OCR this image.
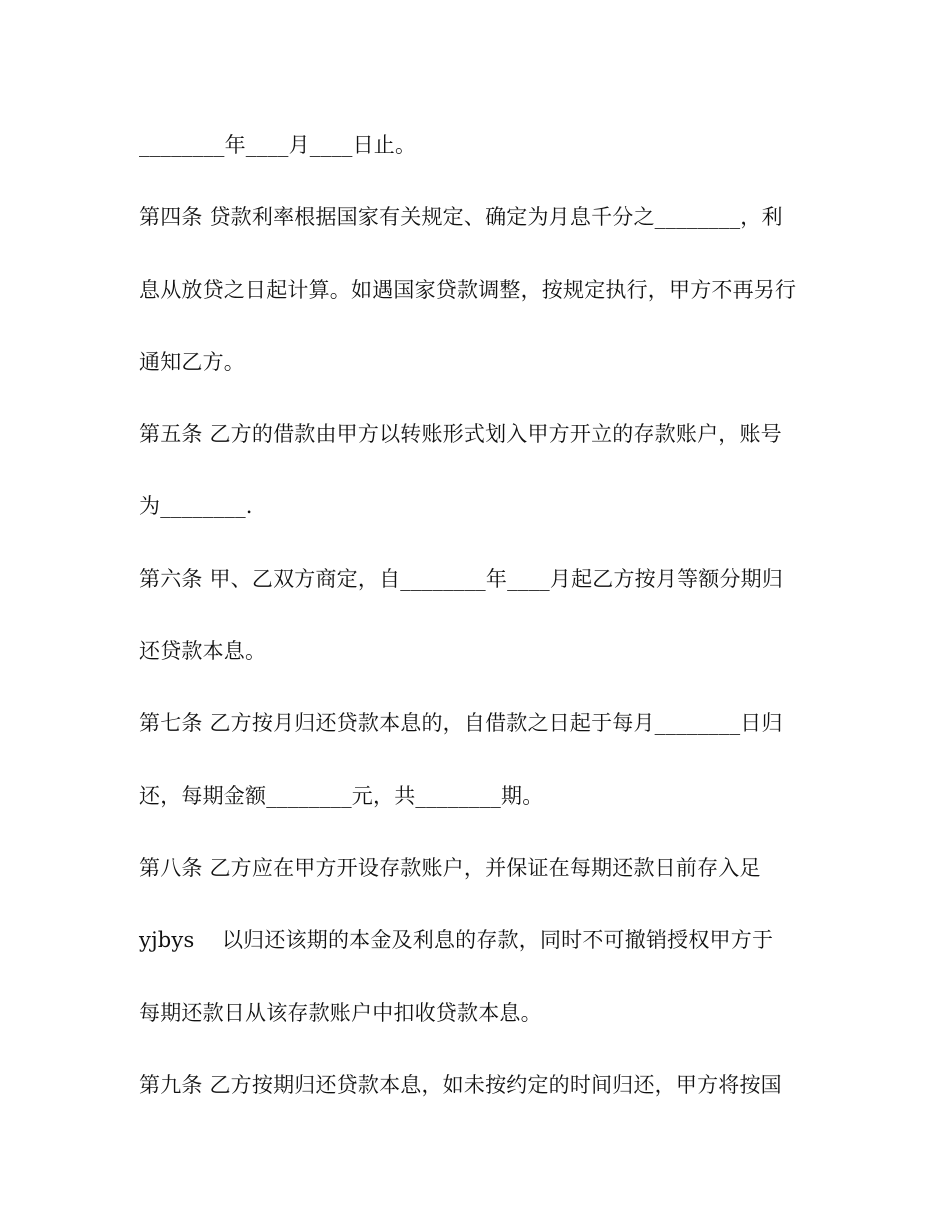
________年____月____日止。
第四条 贷款利率根据国家有关规定、确定为月息千分之________，利
息从放贷之日起计算。如遇国家贷款调整，按规定执行，甲方不再另行
通知乙方。
第五条 乙方的借款由甲方以转账形式划入甲方开立的存款账户，账号
为________.
第六条 甲、乙双方商定，自________年____月起乙方按月等额分期归
还贷款本息。
第七条 乙方按月归还贷款本息的，自借款之日起于每月________日归
还，每期金额________元，共________期。
第八条 乙方应在甲方开设存款账户，并保证在每期还款日前存入足
yjbys    以归还该期的本金及利息的存款，同时不可撤销授权甲方于
每期还款日从该存款账户中扣收贷款本息。
第九条 乙方按期归还贷款本息，如未按约定的时间归还，甲方将按国
